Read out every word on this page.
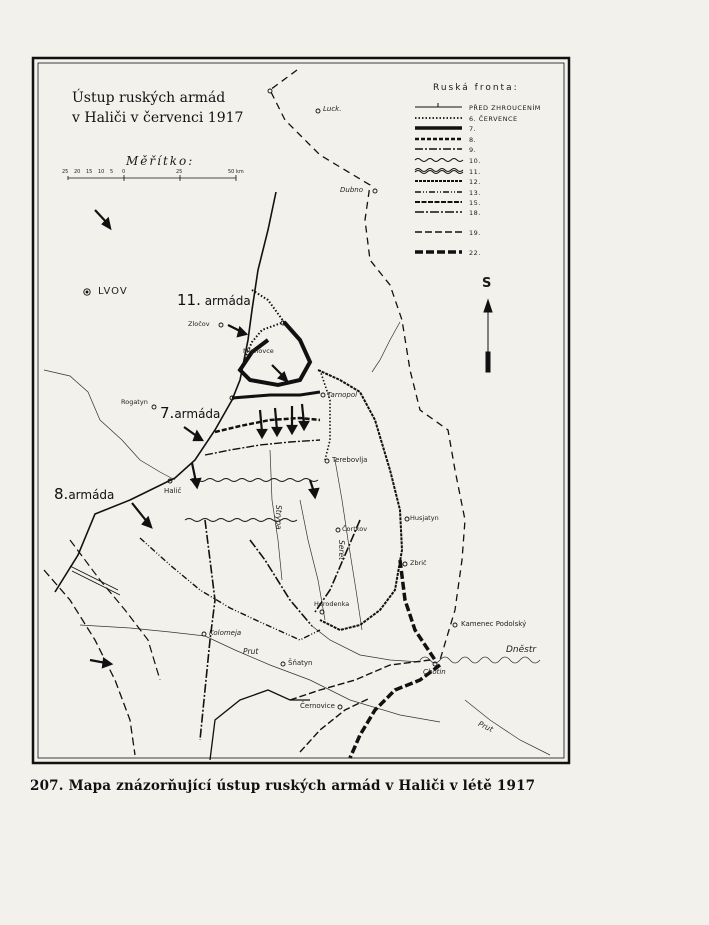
Ústup ruských armád
v Haliči v červenci 1917
Měřítko:
25 20 15 10 5 0	25	50 km
Ruská fronta:
PŘED ZHROUCENÍM
6. ČERVENCE
7.
8.
9.
10.
11.
12.
13.
15.
18.
19.
22.
Luck.
Dubno
LVOV
Zločov
Mlynovce
Rogatyn
Tarnopol
Terebovlja
Halič
Husjatyn
Čortkov
Zbrič
Horodenka
Kamenec Podolský
Kolomeja
Šňatyn
Chotin
Černovice
Strypa
Seret
Prut
Prut
Dněstr
11. armáda
7.armáda
8.armáda
S
207. Mapa znázorňující ústup ruských armád v Haliči v létě 1917
